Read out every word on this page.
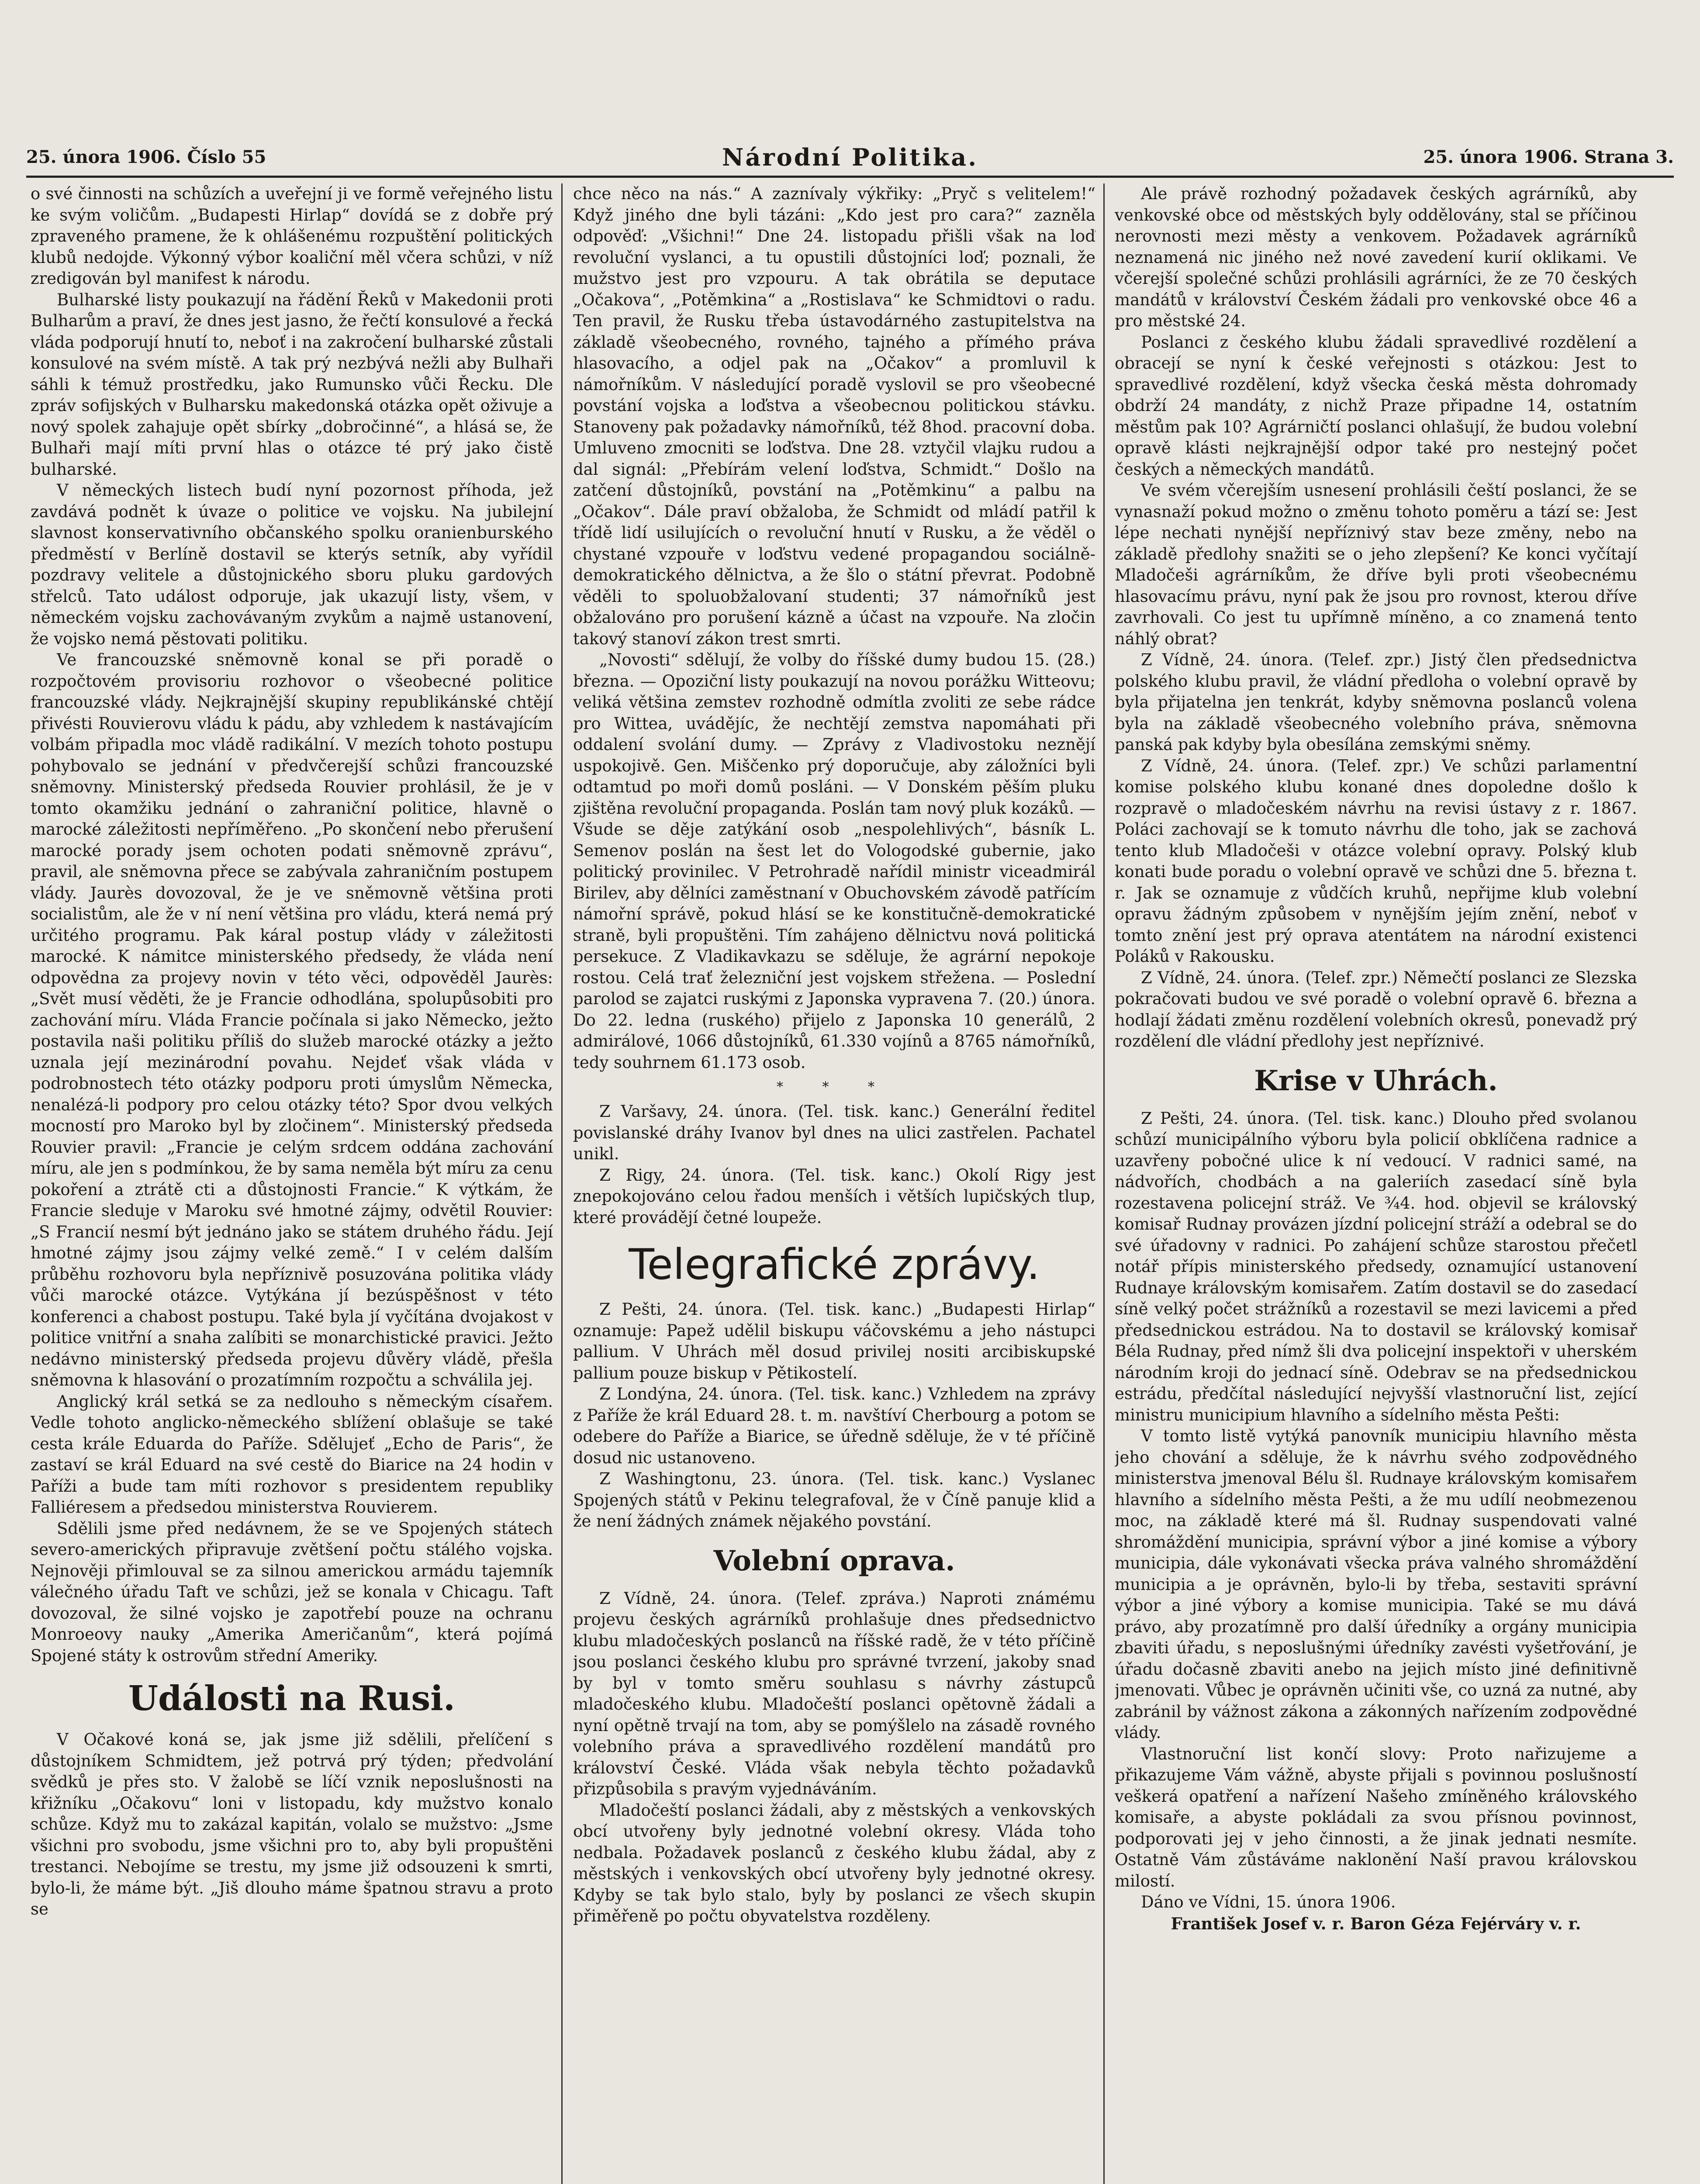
25. února 1906. Číslo 55	Národní Politika.	25. února 1906. Strana 3.

o své činnosti na schůzích a uveřejní ji ve formě veřejného listu ke svým voličům. „Budapesti Hirlap“ dovídá se z dobře prý zpraveného pramene, že k ohlášenému rozpuštění politických klubů nedojde. Výkonný výbor koaliční měl včera schůzi, v níž zredigován byl manifest k národu.

Bulharské listy poukazují na řádění Řeků v Makedonii proti Bulharům a praví, že dnes jest jasno, že řečtí konsulové a řecká vláda podporují hnutí to, neboť i na zakročení bulharské zůstali konsulové na svém místě. A tak prý nezbývá nežli aby Bulhaři sáhli k témuž prostředku, jako Rumunsko vůči Řecku. Dle zpráv sofijských v Bulharsku makedonská otázka opět oživuje a nový spolek zahajuje opět sbírky „dobročinné“, a hlásá se, že Bulhaři mají míti první hlas o otázce té prý jako čistě bulharské.

V německých listech budí nyní pozornost příhoda, jež zavdává podnět k úvaze o politice ve vojsku. Na jubilejní slavnost konservativního občanského spolku oranienburského předměstí v Berlíně dostavil se kterýs setník, aby vyřídil pozdravy velitele a důstojnického sboru pluku gardových střelců. Tato událost odporuje, jak ukazují listy, všem, v německém vojsku zachovávaným zvykům a najmě ustanovení, že vojsko nemá pěstovati politiku.

Ve francouzské sněmovně konal se při poradě o rozpočtovém provisoriu rozhovor o všeobecné politice francouzské vlády. Nejkrajnější skupiny republikánské chtějí přivésti Rouvierovu vládu k pádu, aby vzhledem k nastávajícím volbám připadla moc vládě radikální. V mezích tohoto postupu pohybovalo se jednání v předvčerejší schůzi francouzské sněmovny. Ministerský předseda Rouvier prohlásil, že je v tomto okamžiku jednání o zahraniční politice, hlavně o marocké záležitosti nepříměřeno. „Po skončení nebo přerušení marocké porady jsem ochoten podati sněmovně zprávu“, pravil, ale sněmovna přece se zabývala zahraničním postupem vlády. Jaurès dovozoval, že je ve sněmovně většina proti socialistům, ale že v ní není většina pro vládu, která nemá prý určitého programu. Pak káral postup vlády v záležitosti marocké. K námitce ministerského předsedy, že vláda není odpovědna za projevy novin v této věci, odpověděl Jaurès: „Svět musí věděti, že je Francie odhodlána, spolupůsobiti pro zachování míru. Vláda Francie počínala si jako Německo, ježto postavila naši politiku příliš do služeb marocké otázky a ježto uznala její mezinárodní povahu. Nejdeť však vláda v podrobnostech této otázky podporu proti úmyslům Německa, nenalézá-li podpory pro celou otázky této? Spor dvou velkých mocností pro Maroko byl by zločinem“. Ministerský předseda Rouvier pravil: „Francie je celým srdcem oddána zachování míru, ale jen s podmínkou, že by sama neměla být míru za cenu pokoření a ztrátě cti a důstojnosti Francie.“ K výtkám, že Francie sleduje v Maroku své hmotné zájmy, odvětil Rouvier: „S Francií nesmí být jednáno jako se státem druhého řádu. Její hmotné zájmy jsou zájmy velké země.“ I v celém dalším průběhu rozhovoru byla nepříznivě posuzována politika vlády vůči marocké otázce. Vytýkána jí bezúspěšnost v této konferenci a chabost postupu. Také byla jí vyčítána dvojakost v politice vnitřní a snaha zalíbiti se monarchistické pravici. Ježto nedávno ministerský předseda projevu důvěry vládě, přešla sněmovna k hlasování o prozatímním rozpočtu a schválila jej.

Anglický král setká se za nedlouho s německým císařem. Vedle tohoto anglicko-německého sblížení oblašuje se také cesta krále Eduarda do Paříže. Sdělujeť „Echo de Paris“, že zastaví se král Eduard na své cestě do Biarice na 24 hodin v Paříži a bude tam míti rozhovor s presidentem republiky Falliéresem a předsedou ministerstva Rouvierem.

Sdělili jsme před nedávnem, že se ve Spojených státech severo-amerických připravuje zvětšení počtu stálého vojska. Nejnověji přimlouval se za silnou americkou armádu tajemník válečného úřadu Taft ve schůzi, jež se konala v Chicagu. Taft dovozoval, že silné vojsko je zapotřebí pouze na ochranu Monroeovy nauky „Amerika Američanům“, která pojímá Spojené státy k ostrovům střední Ameriky.

Události na Rusi.

V Očakové koná se, jak jsme již sdělili, přelíčení s důstojníkem Schmidtem, jež potrvá prý týden; předvolání svědků je přes sto. V žalobě se líčí vznik neposlušnosti na křižníku „Očakovu“ loni v listopadu, kdy mužstvo konalo schůze. Když mu to zakázal kapitán, volalo se mužstvo: „Jsme všichni pro svobodu, jsme všichni pro to, aby byli propuštěni trestanci. Nebojíme se trestu, my jsme již odsouzeni k smrti, bylo-li, že máme být. „Jiš dlouho máme špatnou stravu a proto se

chce něco na nás.“ A zaznívaly výkřiky: „Pryč s velitelem!“ Když jiného dne byli tázáni: „Kdo jest pro cara?“ zazněla odpověď: „Všichni!“ Dne 24. listopadu přišli však na loď revoluční vyslanci, a tu opustili důstojníci loď; poznali, že mužstvo jest pro vzpouru. A tak obrátila se deputace „Očakova“, „Potěmkina“ a „Rostislava“ ke Schmidtovi o radu. Ten pravil, že Rusku třeba ústavodárného zastupitelstva na základě všeobecného, rovného, tajného a přímého práva hlasovacího, a odjel pak na „Očakov“ a promluvil k námořníkům. V následující poradě vyslovil se pro všeobecné povstání vojska a loďstva a všeobecnou politickou stávku. Stanoveny pak požadavky námořníků, též 8hod. pracovní doba. Umluveno zmocniti se loďstva. Dne 28. vztyčil vlajku rudou a dal signál: „Přebírám velení loďstva, Schmidt.“ Došlo na zatčení důstojníků, povstání na „Potěmkinu“ a palbu na „Očakov“. Dále praví obžaloba, že Schmidt od mládí patřil k třídě lidí usilujících o revoluční hnutí v Rusku, a že věděl o chystané vzpouře v loďstvu vedené propagandou sociálně-demokratického dělnictva, a že šlo o státní převrat. Podobně věděli to spoluobžalovaní studenti; 37 námořníků jest obžalováno pro porušení kázně a účast na vzpouře. Na zločin takový stanoví zákon trest smrti.

„Novosti“ sdělují, že volby do říšské dumy budou 15. (28.) března. — Opoziční listy poukazují na novou porážku Witteovu; veliká většina zemstev rozhodně odmítla zvoliti ze sebe rádce pro Wittea, uvádějíc, že nechtějí zemstva napomáhati při oddalení svolání dumy. — Zprávy z Vladivostoku neznějí uspokojivě. Gen. Miščenko prý doporučuje, aby záložníci byli odtamtud po moři domů posláni. — V Donském pěším pluku zjištěna revoluční propaganda. Poslán tam nový pluk kozáků. — Všude se děje zatýkání osob „nespolehlivých“, básník L. Semenov poslán na šest let do Vologodské gubernie, jako politický provinilec. V Petrohradě nařídil ministr viceadmirál Birilev, aby dělníci zaměstnaní v Obuchovském závodě patřícím námořní správě, pokud hlásí se ke konstitučně-demokratické straně, byli propuštěni. Tím zahájeno dělnictvu nová politická persekuce. Z Vladikavkazu se sděluje, že agrární nepokoje rostou. Celá trať železniční jest vojskem střežena. — Poslední parolod se zajatci ruskými z Japonska vypravena 7. (20.) února. Do 22. ledna (ruského) přijelo z Japonska 10 generálů, 2 admirálové, 1066 důstojníků, 61.330 vojínů a 8765 námořníků, tedy souhrnem 61.173 osob.

* * *

Z Varšavy, 24. února. (Tel. tisk. kanc.) Generální ředitel povislanské dráhy Ivanov byl dnes na ulici zastřelen. Pachatel unikl.

Z Rigy, 24. února. (Tel. tisk. kanc.) Okolí Rigy jest znepokojováno celou řadou menších i větších lupičských tlup, které provádějí četné loupeže.

Telegrafické zprávy.

Z Pešti, 24. února. (Tel. tisk. kanc.) „Budapesti Hirlap“ oznamuje: Papež udělil biskupu váčovskému a jeho nástupci pallium. V Uhrách měl dosud privilej nositi arcibiskupské pallium pouze biskup v Pětikostelí.

Z Londýna, 24. února. (Tel. tisk. kanc.) Vzhledem na zprávy z Paříže že král Eduard 28. t. m. navštíví Cherbourg a potom se odebere do Paříže a Biarice, se úředně sděluje, že v té příčině dosud nic ustanoveno.

Z Washingtonu, 23. února. (Tel. tisk. kanc.) Vyslanec Spojených států v Pekinu telegrafoval, že v Číně panuje klid a že není žádných známek nějakého povstání.

Volební oprava.

Z Vídně, 24. února. (Telef. zpráva.) Naproti známému projevu českých agrárníků prohlašuje dnes předsednictvo klubu mladočeských poslanců na říšské radě, že v této příčině jsou poslanci českého klubu pro správné tvrzení, jakoby snad by byl v tomto směru souhlasu s návrhy zástupců mladočeského klubu. Mladočeští poslanci opětovně žádali a nyní opětně trvají na tom, aby se pomýšlelo na zásadě rovného volebního práva a spravedlivého rozdělení mandátů pro království České. Vláda však nebyla těchto požadavků přizpůsobila s pravým vyjednáváním.

Mladočeští poslanci žádali, aby z městských a venkovských obcí utvořeny byly jednotné volební okresy. Vláda toho nedbala. Požadavek poslanců z českého klubu žádal, aby z městských i venkovských obcí utvořeny byly jednotné okresy. Kdyby se tak bylo stalo, byly by poslanci ze všech skupin přiměřeně po počtu obyvatelstva rozděleny.

Ale právě rozhodný požadavek českých agrárníků, aby venkovské obce od městských byly oddělovány, stal se příčinou nerovnosti mezi městy a venkovem. Požadavek agrárníků neznamená nic jiného než nové zavedení kurií oklikami. Ve včerejší společné schůzi prohlásili agrárníci, že ze 70 českých mandátů v království Českém žádali pro venkovské obce 46 a pro městské 24.

Poslanci z českého klubu žádali spravedlivé rozdělení a obracejí se nyní k české veřejnosti s otázkou: Jest to spravedlivé rozdělení, když všecka česká města dohromady obdrží 24 mandáty, z nichž Praze připadne 14, ostatním městům pak 10? Agrárničtí poslanci ohlašují, že budou volební opravě klásti nejkrajnější odpor také pro nestejný počet českých a německých mandátů.

Ve svém včerejším usnesení prohlásili čeští poslanci, že se vynasnaží pokud možno o změnu tohoto poměru a tází se: Jest lépe nechati nynější nepříznivý stav beze změny, nebo na základě předlohy snažiti se o jeho zlepšení? Ke konci vyčítají Mladočeši agrárníkům, že dříve byli proti všeobecnému hlasovacímu právu, nyní pak že jsou pro rovnost, kterou dříve zavrhovali. Co jest tu upřímně míněno, a co znamená tento náhlý obrat?

Z Vídně, 24. února. (Telef. zpr.) Jistý člen předsednictva polského klubu pravil, že vládní předloha o volební opravě by byla přijatelna jen tenkrát, kdyby sněmovna poslanců volena byla na základě všeobecného volebního práva, sněmovna panská pak kdyby byla obesílána zemskými sněmy.

Z Vídně, 24. února. (Telef. zpr.) Ve schůzi parlamentní komise polského klubu konané dnes dopoledne došlo k rozpravě o mladočeském návrhu na revisi ústavy z r. 1867. Poláci zachovají se k tomuto návrhu dle toho, jak se zachová tento klub Mladočeši v otázce volební opravy. Polský klub konati bude poradu o volební opravě ve schůzi dne 5. března t. r. Jak se oznamuje z vůdčích kruhů, nepřijme klub volební opravu žádným způsobem v nynějším jejím znění, neboť v tomto znění jest prý oprava atentátem na národní existenci Poláků v Rakousku.

Z Vídně, 24. února. (Telef. zpr.) Němečtí poslanci ze Slezska pokračovati budou ve své poradě o volební opravě 6. března a hodlají žádati změnu rozdělení volebních okresů, ponevadž prý rozdělení dle vládní předlohy jest nepříznivé.

Krise v Uhrách.

Z Pešti, 24. února. (Tel. tisk. kanc.) Dlouho před svolanou schůzí municipálního výboru byla policií obklíčena radnice a uzavřeny pobočné ulice k ní vedoucí. V radnici samé, na nádvořích, chodbách a na galeriích zasedací síně byla rozestavena policejní stráž. Ve ¾4. hod. objevil se královský komisař Rudnay provázen jízdní policejní stráží a odebral se do své úřadovny v radnici. Po zahájení schůze starostou přečetl notář přípis ministerského předsedy, oznamující ustanovení Rudnaye královským komisařem. Zatím dostavil se do zasedací síně velký počet strážníků a rozestavil se mezi lavicemi a před předsednickou estrádou. Na to dostavil se královský komisař Béla Rudnay, před nímž šli dva policejní inspektoři v uherském národním kroji do jednací síně. Odebrav se na předsednickou estrádu, předčítal následující nejvyšší vlastnoruční list, zející ministru municipium hlavního a sídelního města Pešti:

V tomto listě vytýká panovník municipiu hlavního města jeho chování a sděluje, že k návrhu svého zodpovědného ministerstva jmenoval Bélu šl. Rudnaye královským komisařem hlavního a sídelního města Pešti, a že mu udílí neobmezenou moc, na základě které má šl. Rudnay suspendovati valné shromáždění municipia, správní výbor a jiné komise a výbory municipia, dále vykonávati všecka práva valného shromáždění municipia a je oprávněn, bylo-li by třeba, sestaviti správní výbor a jiné výbory a komise municipia. Také se mu dává právo, aby prozatímně pro další úředníky a orgány municipia zbaviti úřadu, s neposlušnými úředníky zavésti vyšetřování, je úřadu dočasně zbaviti anebo na jejich místo jiné definitivně jmenovati. Vůbec je oprávněn učiniti vše, co uzná za nutné, aby zabránil by vážnost zákona a zákonných nařízením zodpovědné vlády.

Vlastnoruční list končí slovy: Proto nařizujeme a přikazujeme Vám vážně, abyste přijali s povinnou poslušností veškerá opatření a nařízení Našeho zmíněného královského komisaře, a abyste pokládali za svou přísnou povinnost, podporovati jej v jeho činnosti, a že jinak jednati nesmíte. Ostatně Vám zůstáváme naklonění Naší pravou královskou milostí.

Dáno ve Vídni, 15. února 1906.

František Josef v. r. Baron Géza Fejérváry v. r.
